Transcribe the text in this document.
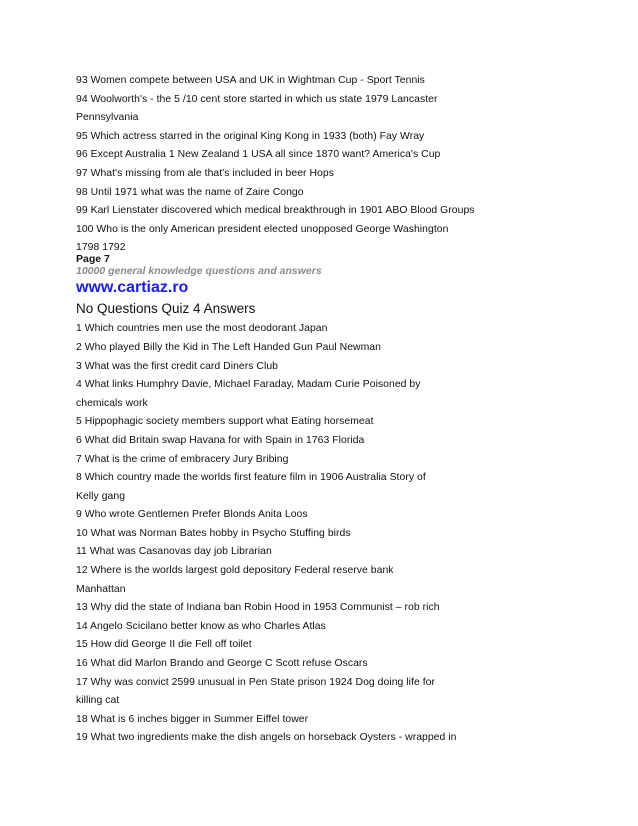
93 Women compete between USA and UK in Wightman Cup - Sport Tennis
94 Woolworth's - the 5 /10 cent store started in which us state 1979 Lancaster
Pennsylvania
95 Which actress starred in the original King Kong in 1933 (both) Fay Wray
96 Except Australia 1 New Zealand 1 USA all since 1870 want? America's Cup
97 What's missing from ale that's included in beer Hops
98 Until 1971 what was the name of Zaire Congo
99 Karl Lienstater discovered which medical breakthrough in 1901 ABO Blood Groups
100 Who is the only American president elected unopposed George Washington
1798 1792
Page 7
10000 general knowledge questions and answers
www.cartiaz.ro
No Questions Quiz 4 Answers
1 Which countries men use the most deodorant Japan
2 Who played Billy the Kid in The Left Handed Gun Paul Newman
3 What was the first credit card Diners Club
4 What links Humphry Davie, Michael Faraday, Madam Curie Poisoned by
chemicals work
5 Hippophagic society members support what Eating horsemeat
6 What did Britain swap Havana for with Spain in 1763 Florida
7 What is the crime of embracery Jury Bribing
8 Which country made the worlds first feature film in 1906 Australia Story of
Kelly gang
9 Who wrote Gentlemen Prefer Blonds Anita Loos
10 What was Norman Bates hobby in Psycho Stuffing birds
11 What was Casanovas day job Librarian
12 Where is the worlds largest gold depository Federal reserve bank
Manhattan
13 Why did the state of Indiana ban Robin Hood in 1953 Communist – rob rich
14 Angelo Scicilano better know as who Charles Atlas
15 How did George II die Fell off toilet
16 What did Marlon Brando and George C Scott refuse Oscars
17 Why was convict 2599 unusual in Pen State prison 1924 Dog doing life for
killing cat
18 What is 6 inches bigger in Summer Eiffel tower
19 What two ingredients make the dish angels on horseback Oysters - wrapped in
